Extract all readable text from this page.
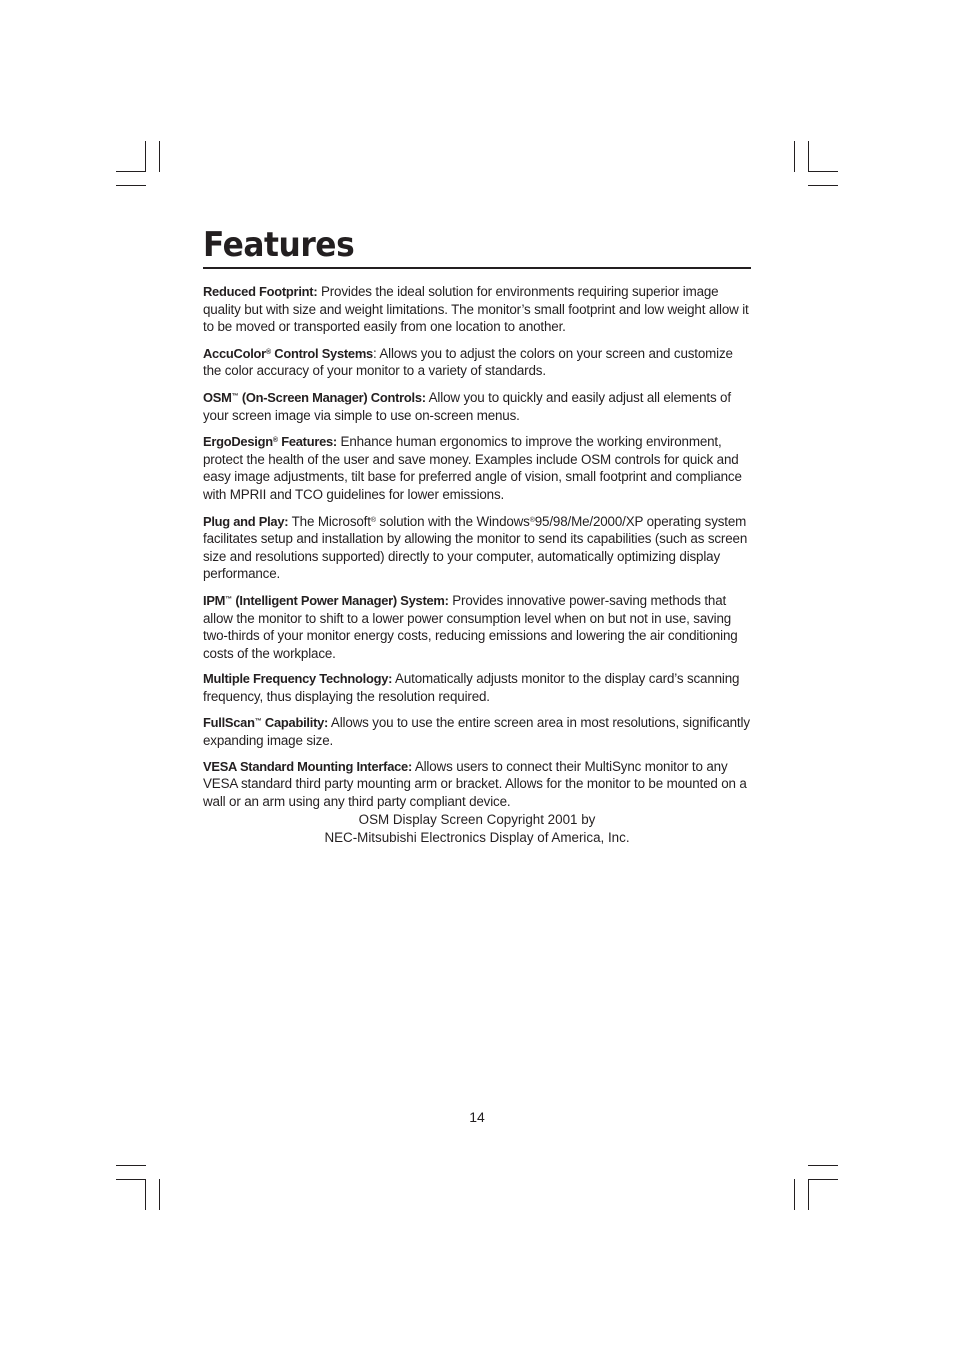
Features

Reduced Footprint: Provides the ideal solution for environments requiring superior image quality but with size and weight limitations. The monitor’s small footprint and low weight allow it to be moved or transported easily from one location to another.

AccuColor® Control Systems: Allows you to adjust the colors on your screen and customize the color accuracy of your monitor to a variety of standards.

OSM™ (On-Screen Manager) Controls: Allow you to quickly and easily adjust all elements of your screen image via simple to use on-screen menus.

ErgoDesign® Features: Enhance human ergonomics to improve the working environment, protect the health of the user and save money. Examples include OSM controls for quick and easy image adjustments, tilt base for preferred angle of vision, small footprint and compliance with MPRII and TCO guidelines for lower emissions.

Plug and Play: The Microsoft® solution with the Windows®95/98/Me/2000/XP operating system facilitates setup and installation by allowing the monitor to send its capabilities (such as screen size and resolutions supported) directly to your computer, automatically optimizing display performance.

IPM™ (Intelligent Power Manager) System: Provides innovative power-saving methods that allow the monitor to shift to a lower power consumption level when on but not in use, saving two-thirds of your monitor energy costs, reducing emissions and lowering the air conditioning costs of the workplace.

Multiple Frequency Technology: Automatically adjusts monitor to the display card’s scanning frequency, thus displaying the resolution required.

FullScan™ Capability: Allows you to use the entire screen area in most resolutions, significantly expanding image size.

VESA Standard Mounting Interface: Allows users to connect their MultiSync monitor to any VESA standard third party mounting arm or bracket. Allows for the monitor to be mounted on a wall or an arm using any third party compliant device.

OSM Display Screen Copyright 2001 by
NEC-Mitsubishi Electronics Display of America, Inc.
14
